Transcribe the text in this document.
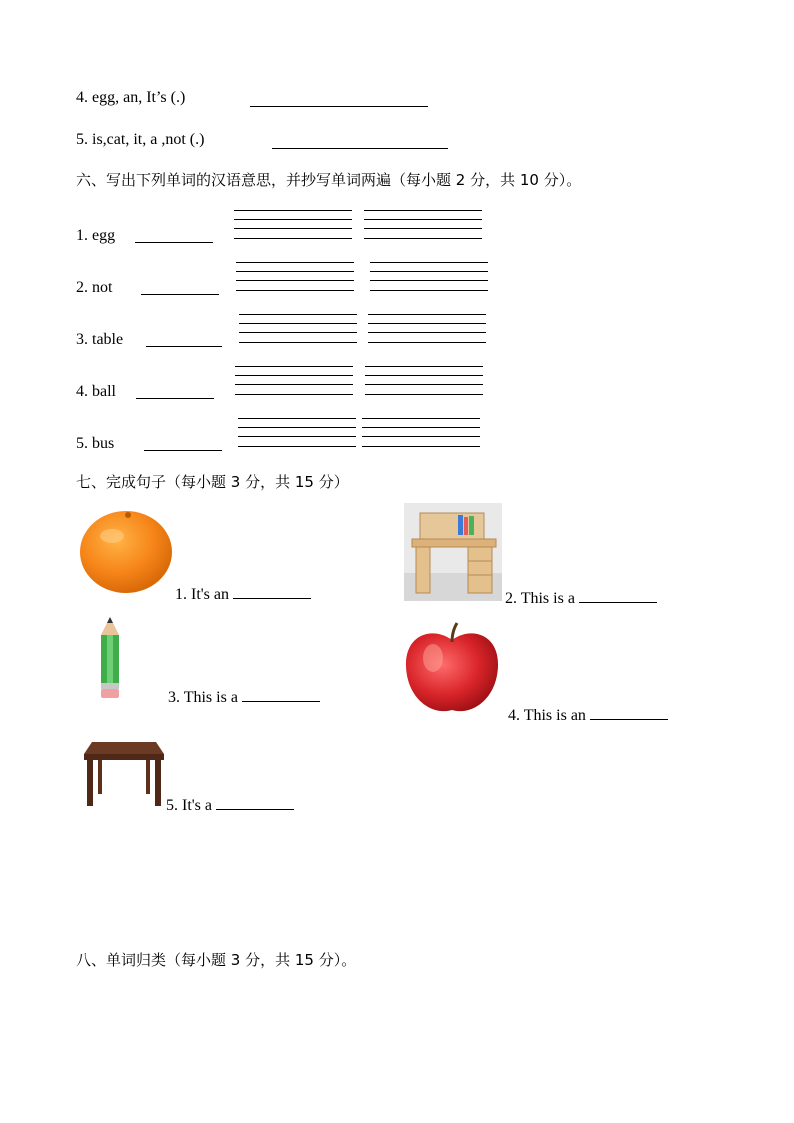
4. egg, an, It’s (.)
5. is,cat, it, a ,not (.)
六、写出下列单词的汉语意思，并抄写单词两遍（每小题 2 分，共 10 分）。
1. egg
2. not
3. table
4. ball
5. bus
七、完成句子（每小题 3 分，共 15 分）
1. It's an	2. This is a
3. This is a
4. This is an
5. It's a
八、单词归类（每小题 3 分，共 15 分）。
